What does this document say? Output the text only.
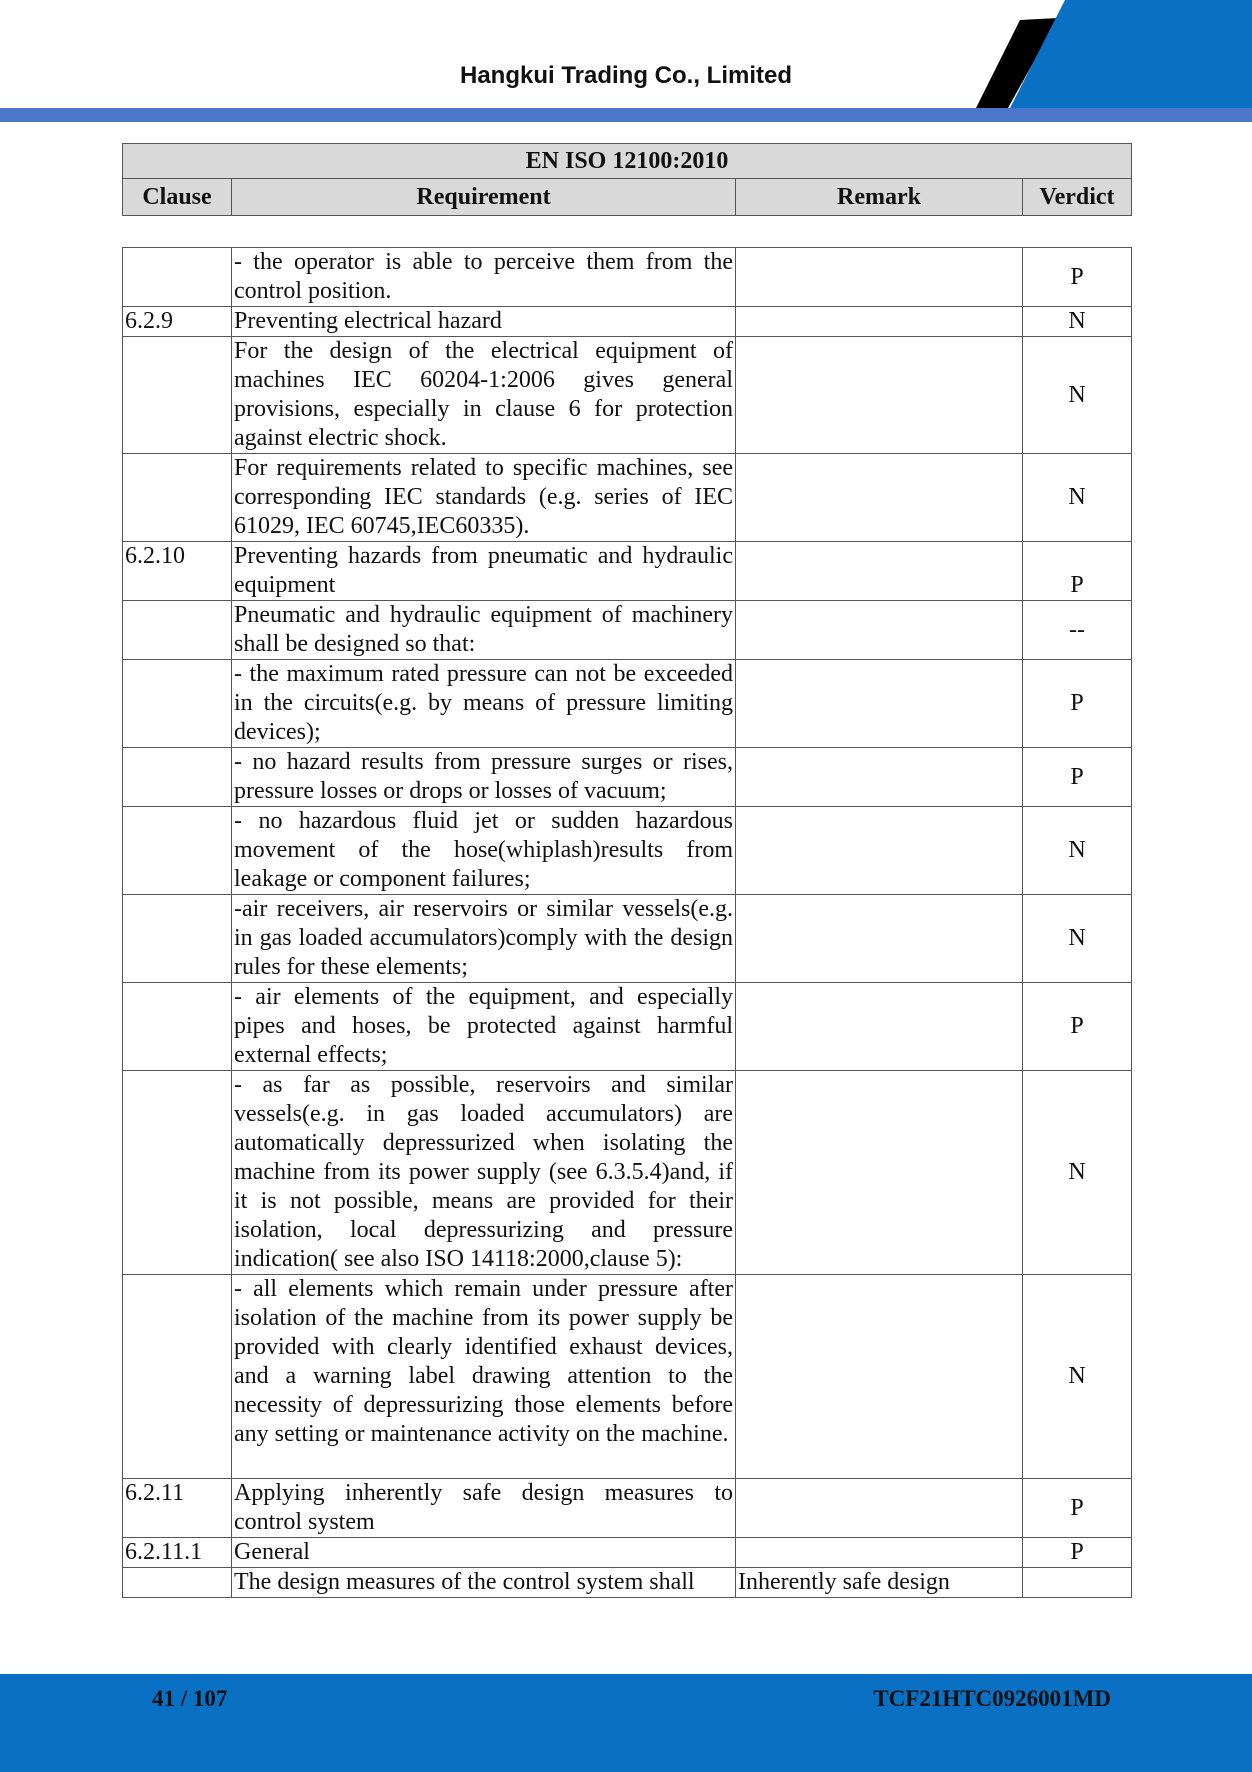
Hangkui Trading Co., Limited
EN ISO 12100:2010
Clause	Requirement	Remark	Verdict
	- the operator is able to perceive them from the control position.		P
6.2.9	Preventing electrical hazard		N
	For the design of the electrical equipment of machines IEC 60204-1:2006 gives general provisions, especially in clause 6 for protection against electric shock.		N
	For requirements related to specific machines, see corresponding IEC standards (e.g. series of IEC 61029, IEC 60745,IEC60335).		N
6.2.10	Preventing hazards from pneumatic and hydraulic equipment		P
	Pneumatic and hydraulic equipment of machinery shall be designed so that:		--
	- the maximum rated pressure can not be exceeded in the circuits(e.g. by means of pressure limiting devices);		P
	- no hazard results from pressure surges or rises, pressure losses or drops or losses of vacuum;		P
	- no hazardous fluid jet or sudden hazardous movement of the hose(whiplash)results from leakage or component failures;		N
	-air receivers, air reservoirs or similar vessels(e.g. in gas loaded accumulators)comply with the design rules for these elements;		N
	- air elements of the equipment, and especially pipes and hoses, be protected against harmful external effects;		P
	- as far as possible, reservoirs and similar vessels(e.g. in gas loaded accumulators) are automatically depressurized when isolating the machine from its power supply (see 6.3.5.4)and, if it is not possible, means are provided for their isolation, local depressurizing and pressure indication( see also ISO 14118:2000,clause 5):		N
	- all elements which remain under pressure after isolation of the machine from its power supply be provided with clearly identified exhaust devices, and a warning label drawing attention to the necessity of depressurizing those elements before any setting or maintenance activity on the machine.		N
6.2.11	Applying inherently safe design measures to control system		P
6.2.11.1	General		P
	The design measures of the control system shall	Inherently safe design	
41 / 107	TCF21HTC0926001MD
